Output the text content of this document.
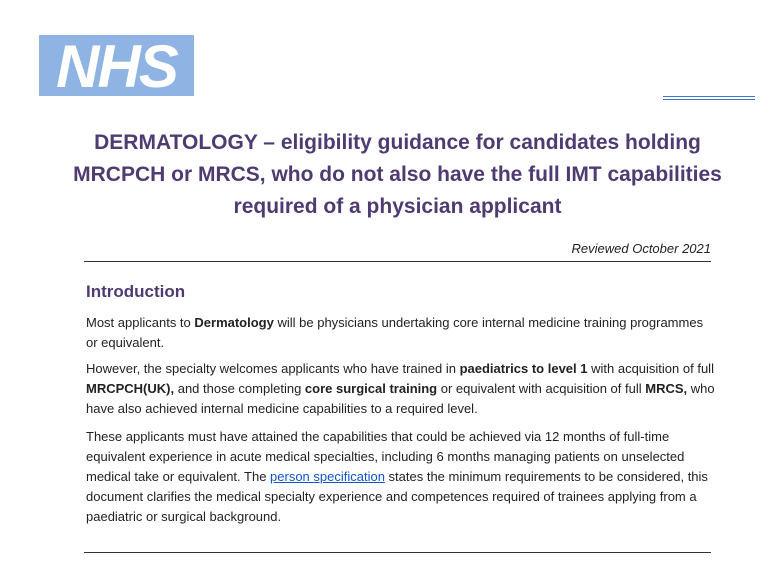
NHS
DERMATOLOGY – eligibility guidance for candidates holding MRCPCH or MRCS, who do not also have the full IMT capabilities required of a physician applicant
Reviewed October 2021
Introduction

Most applicants to Dermatology will be physicians undertaking core internal medicine training programmes or equivalent.

However, the specialty welcomes applicants who have trained in paediatrics to level 1 with acquisition of full MRCPCH(UK), and those completing core surgical training or equivalent with acquisition of full MRCS, who have also achieved internal medicine capabilities to a required level.

These applicants must have attained the capabilities that could be achieved via 12 months of full-time equivalent experience in acute medical specialties, including 6 months managing patients on unselected medical take or equivalent. The person specification states the minimum requirements to be considered, this document clarifies the medical specialty experience and competences required of trainees applying from a paediatric or surgical background.
